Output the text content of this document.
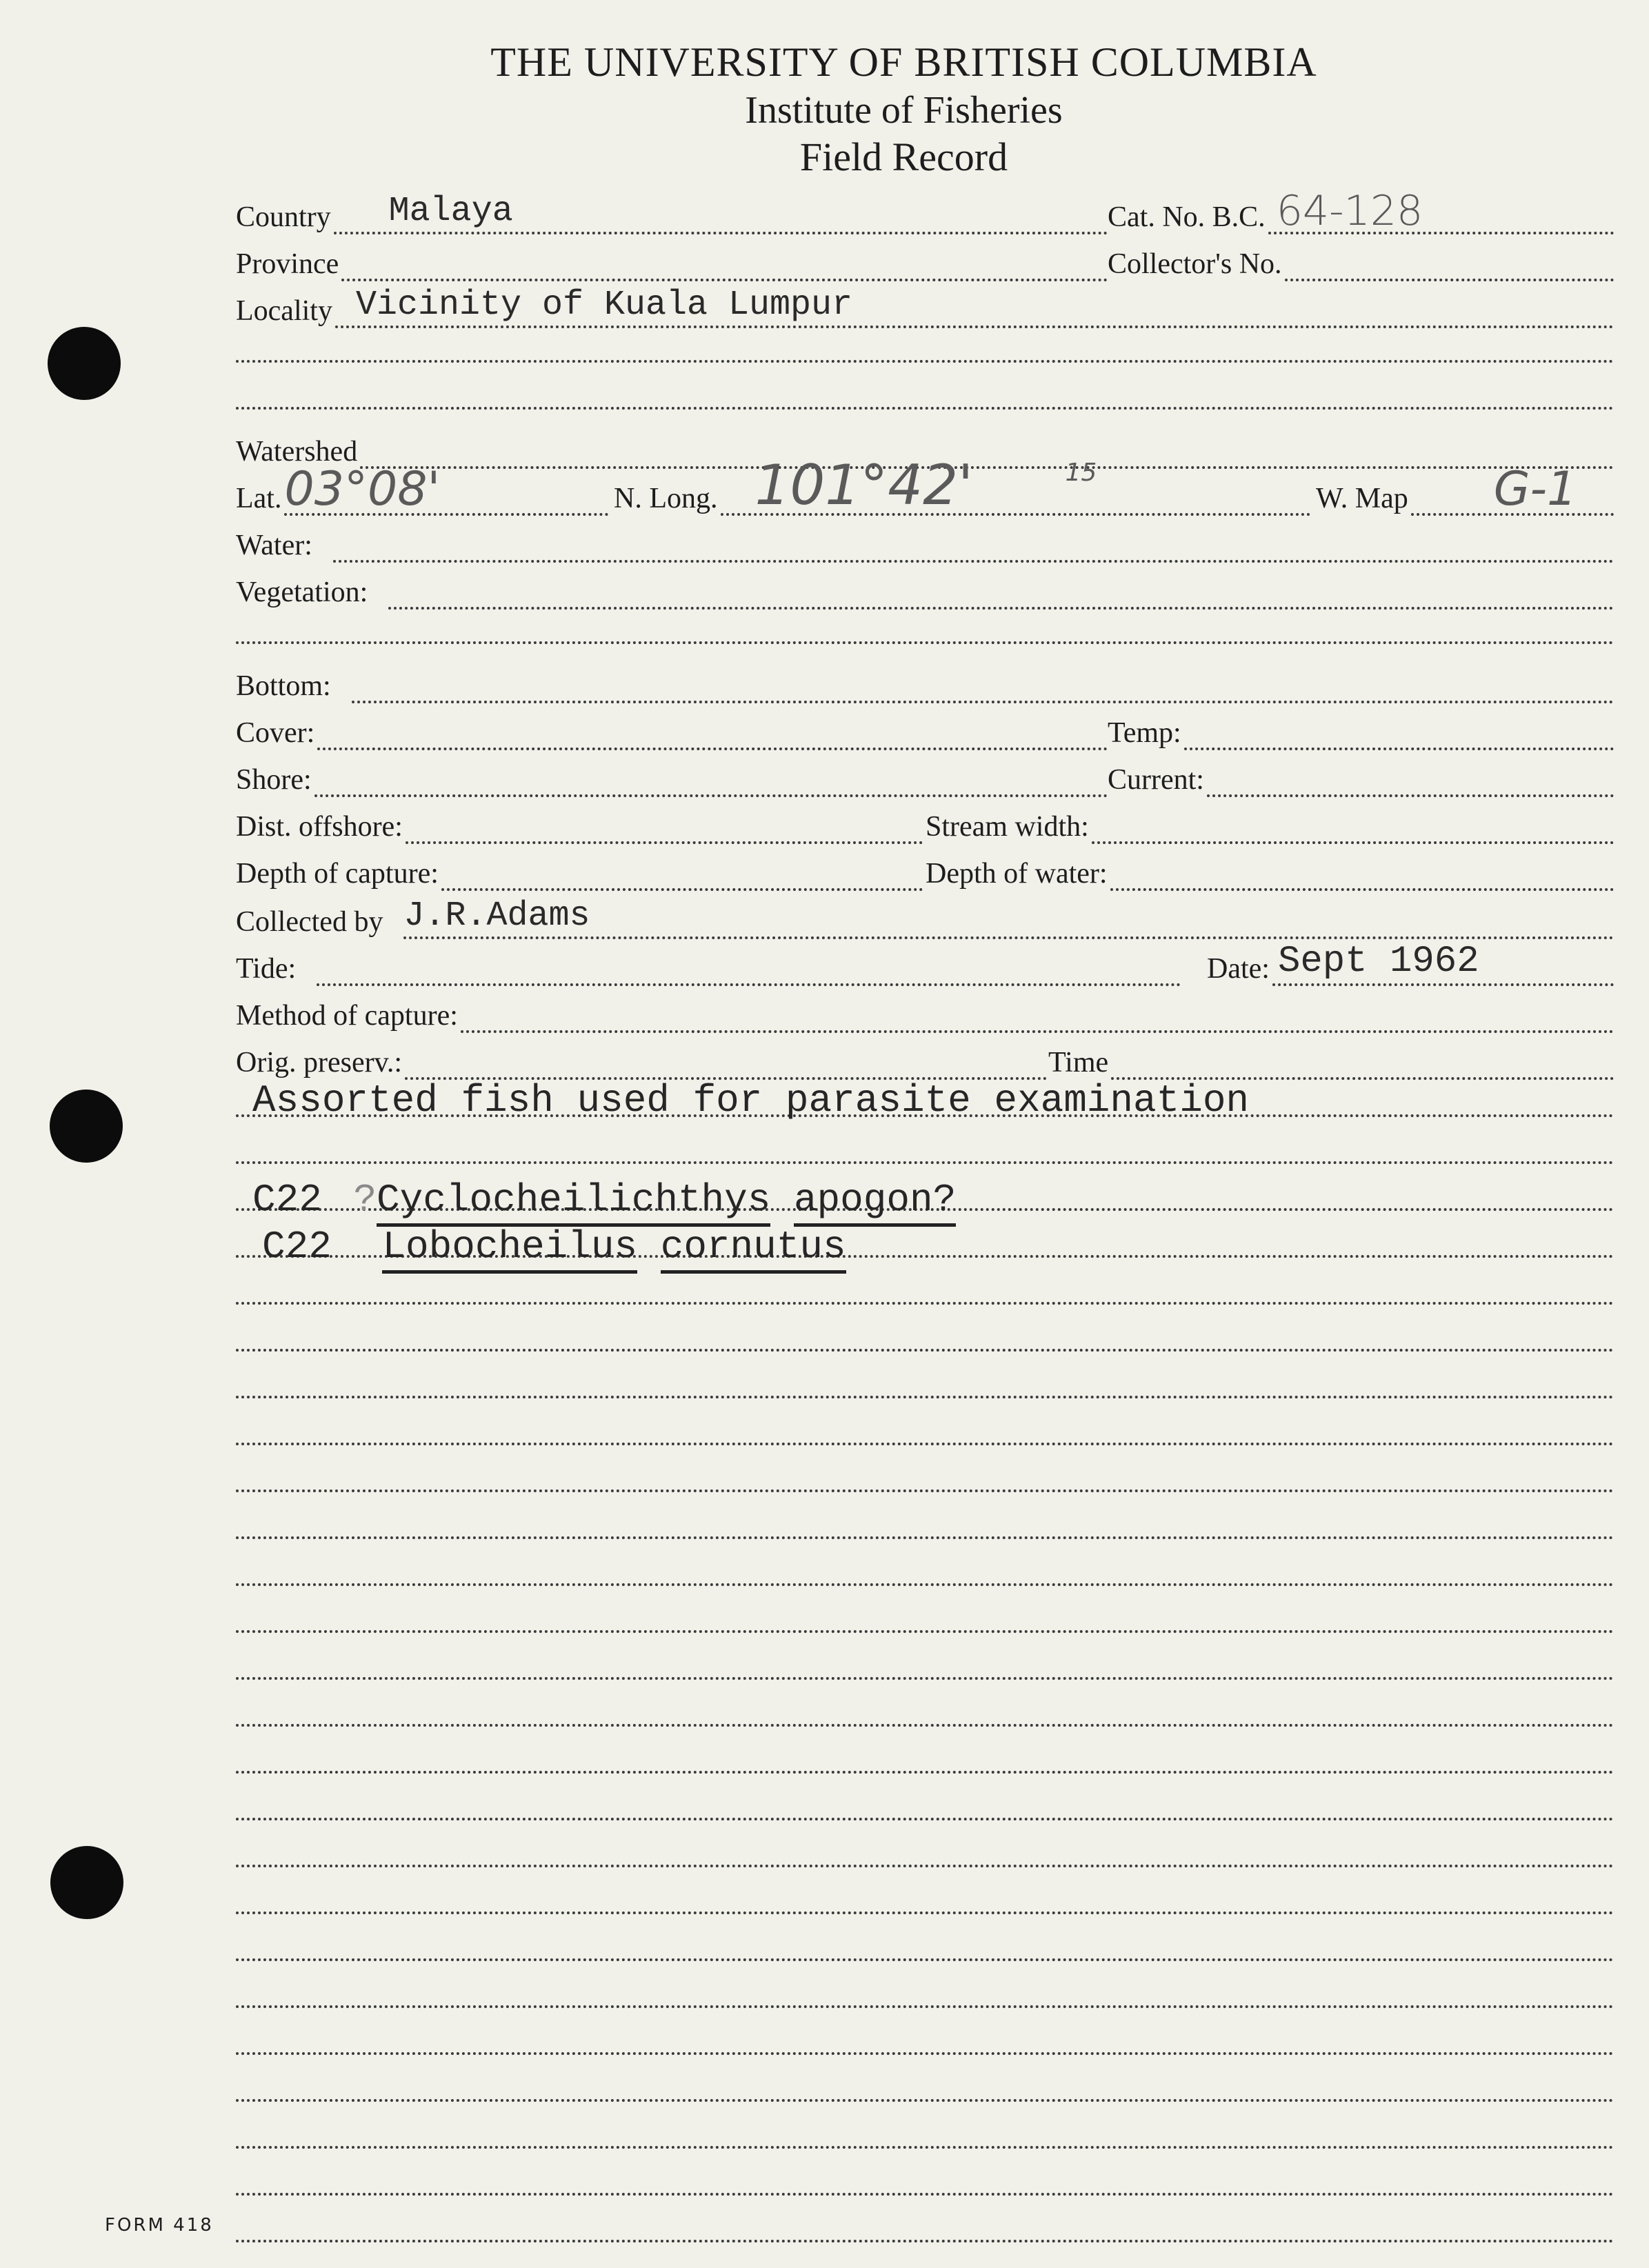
THE UNIVERSITY OF BRITISH COLUMBIA
Institute of Fisheries
Field Record
Country Malaya	Cat. No. B.C. 64-128
Province	Collector's No.
Locality Vicinity of Kuala Lumpur
Watershed
Lat. 03°08'	N. Long. 101°42'	15
W. Map G-1
Water:
Vegetation:
Bottom:
Cover:	Temp:
Shore:	Current:
Dist. offshore:	Stream width:
Depth of capture:	Depth of water:
Collected by J.R.Adams
Tide:	Date: Sept 1962
Method of capture:
Orig. preserv.:	Time
Assorted fish used for parasite examination
C22 ?Cyclocheilichthys apogon?
C22 Lobocheilus cornutus
FORM 418
